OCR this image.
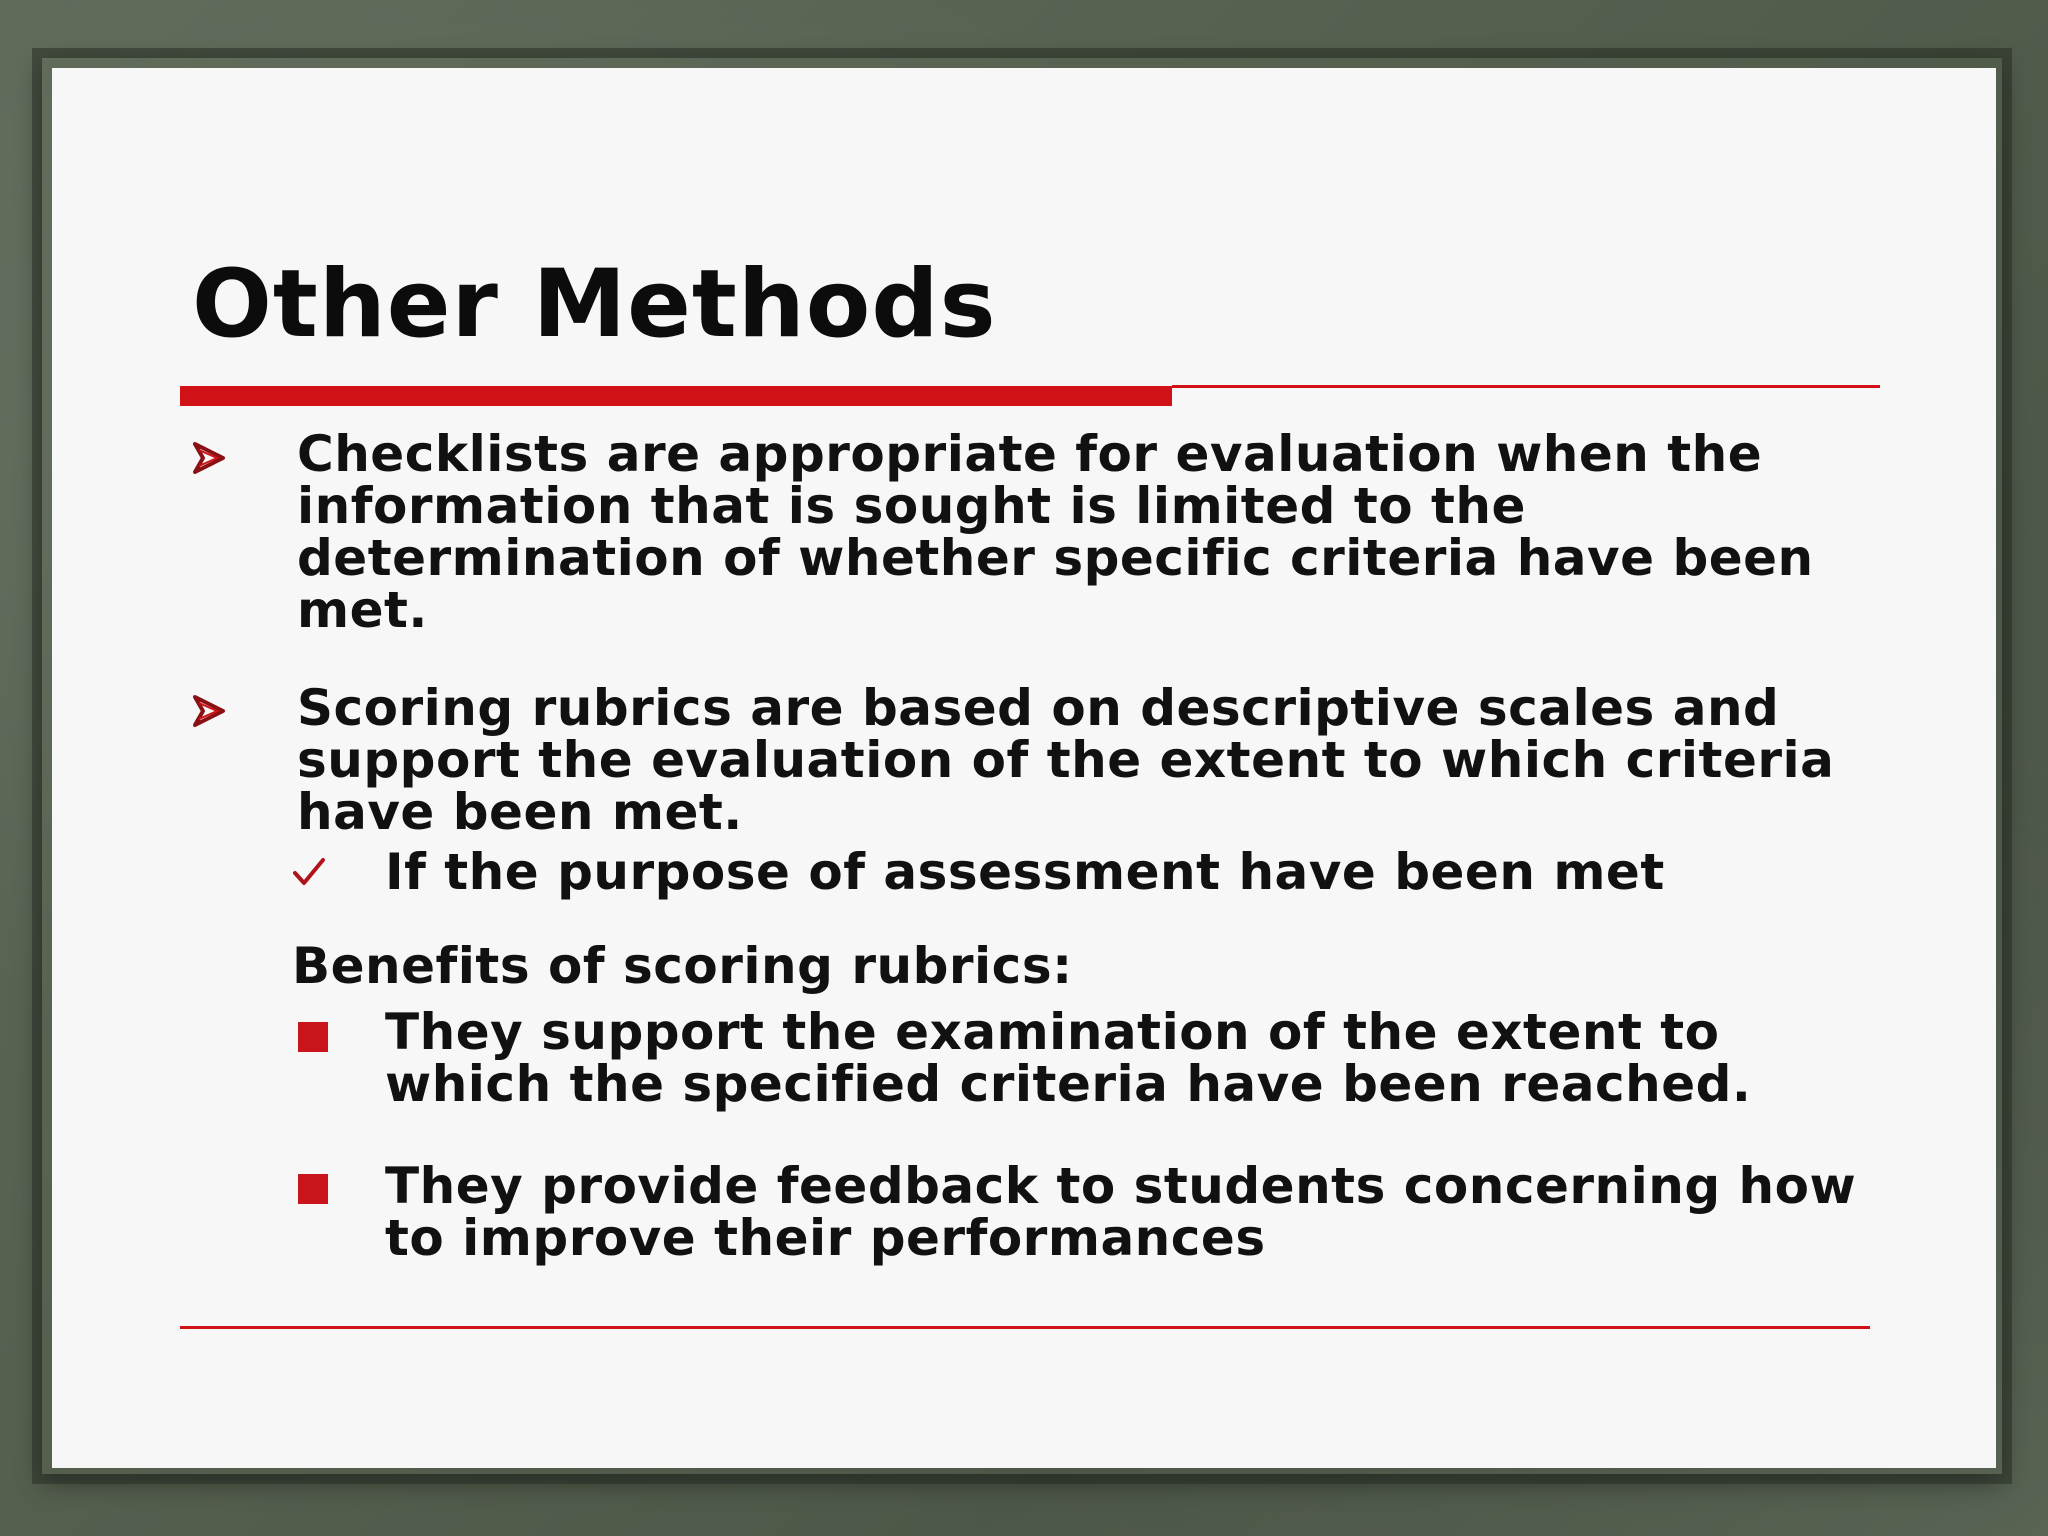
Other Methods

Checklists are appropriate for evaluation when the information that is sought is limited to the determination of whether specific criteria have been met.

Scoring rubrics are based on descriptive scales and support the evaluation of the extent to which criteria have been met.

If the purpose of assessment have been met

Benefits of scoring rubrics:

They support the examination of the extent to which the specified criteria have been reached.

They provide feedback to students concerning how to improve their performances
